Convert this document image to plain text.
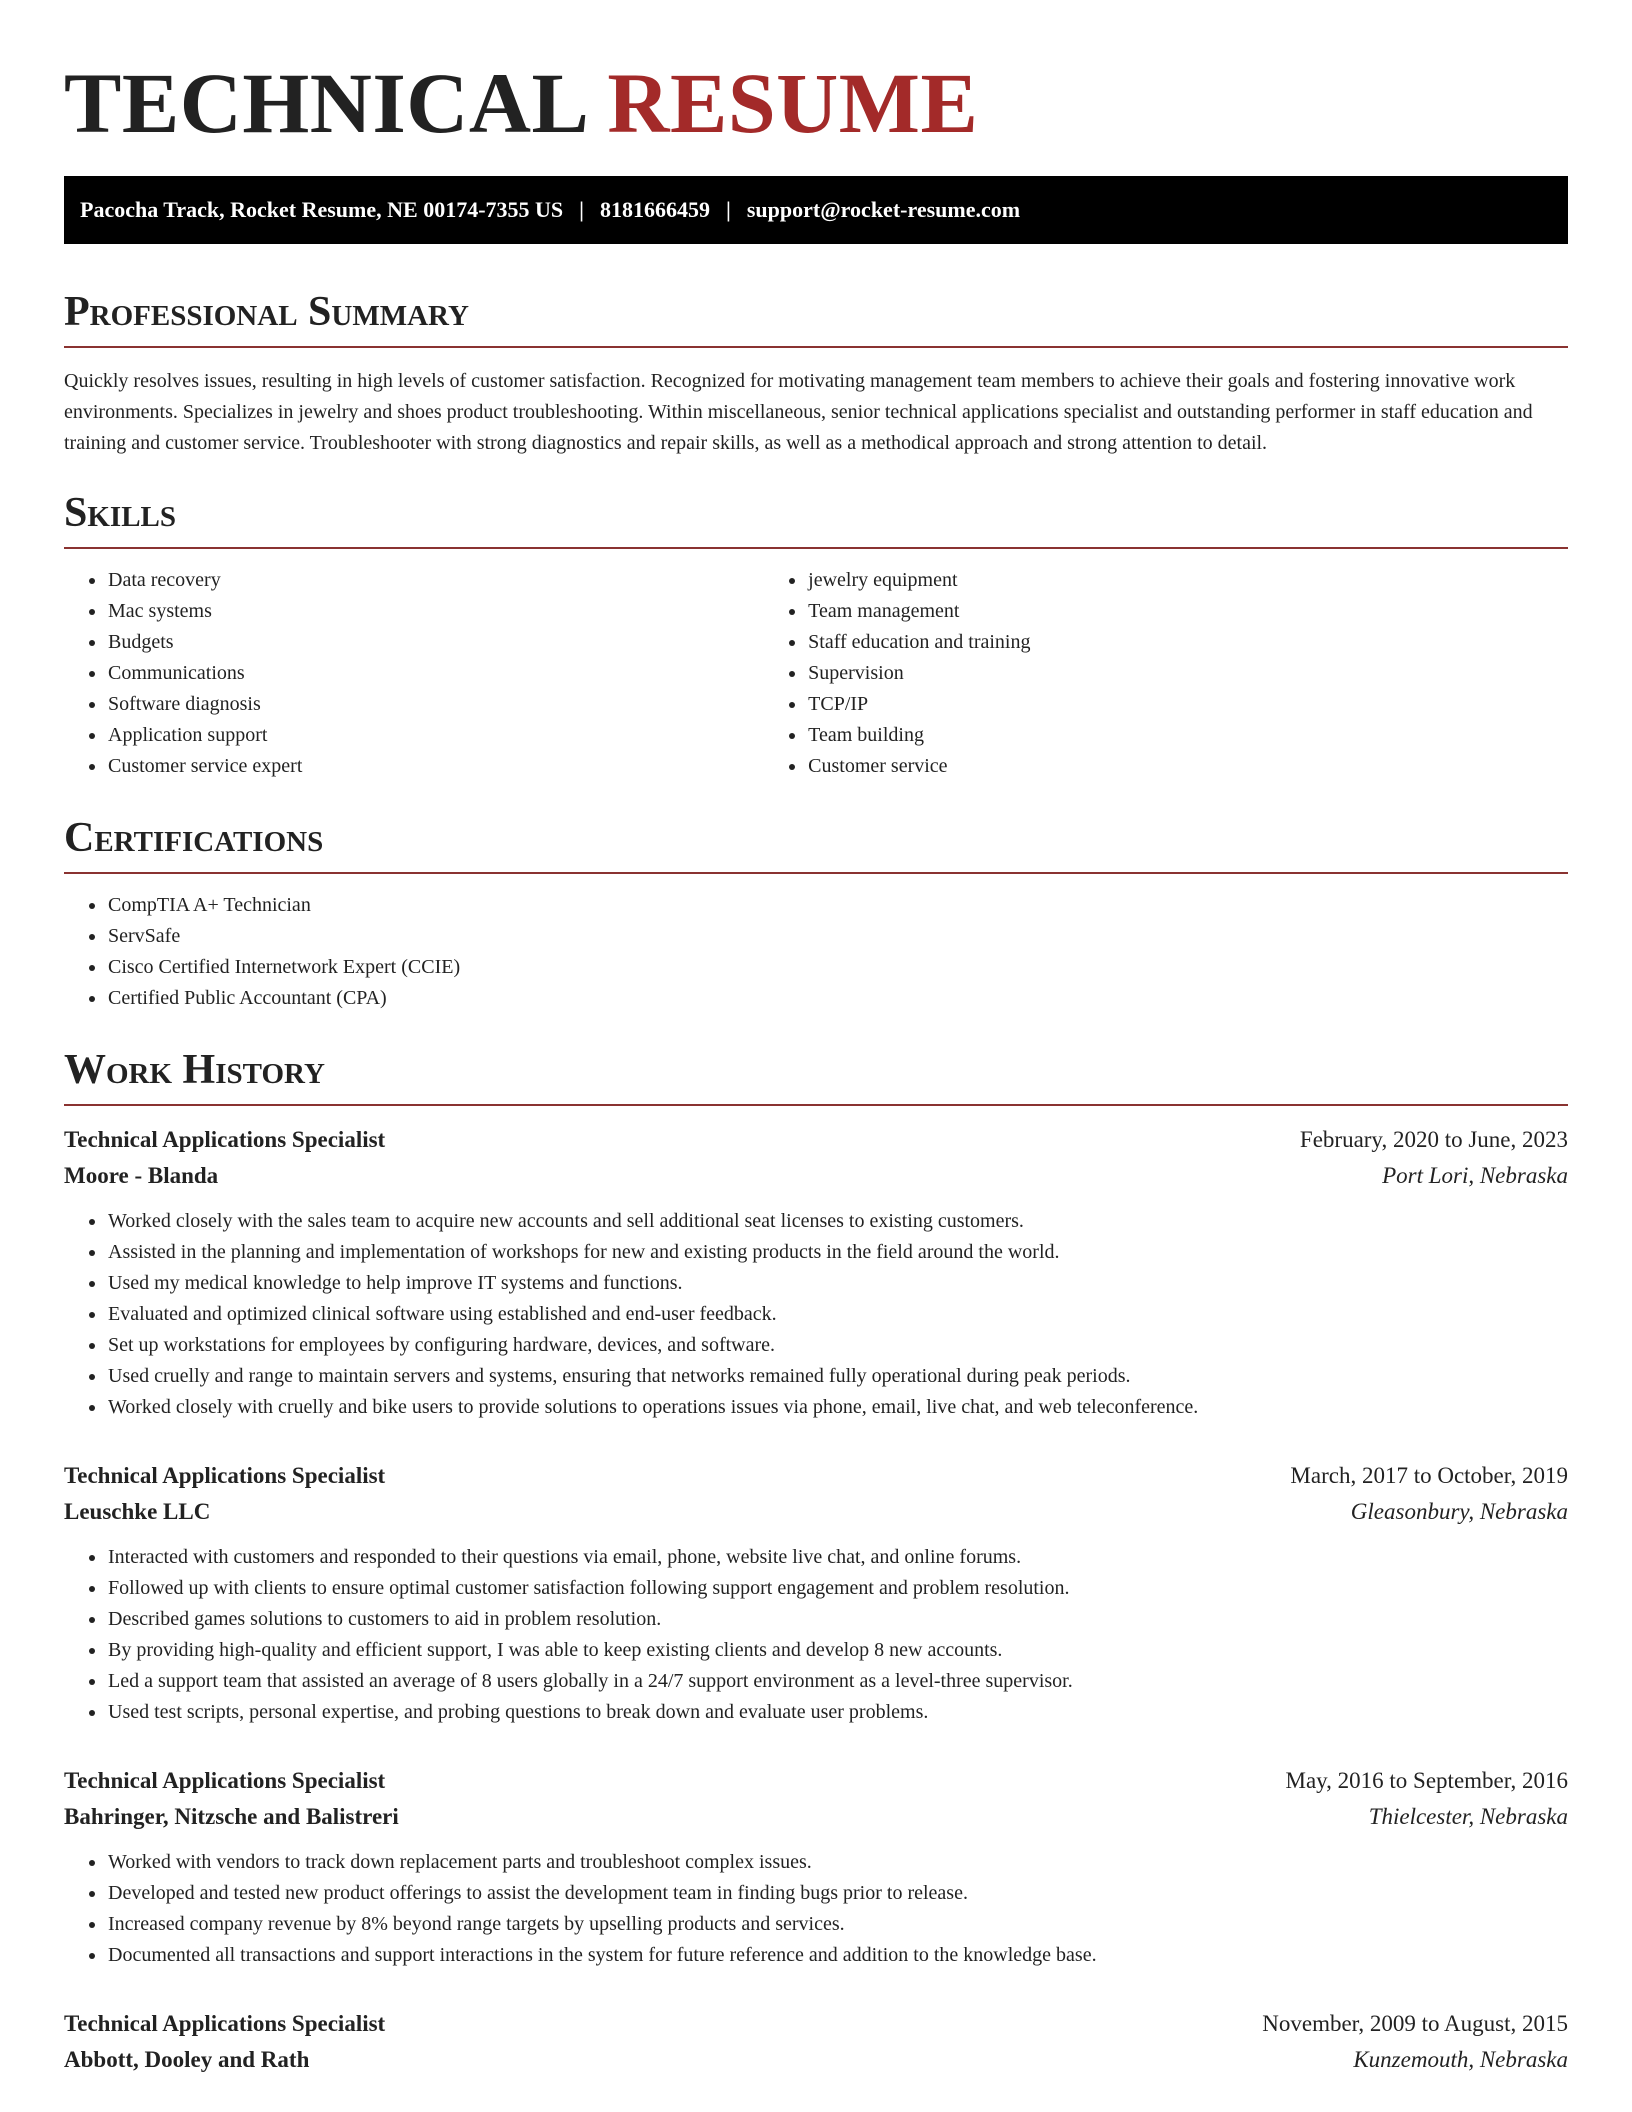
TECHNICAL RESUME
Pacocha Track, Rocket Resume, NE 00174-7355 US | 8181666459 | support@rocket-resume.com
Professional Summary

Quickly resolves issues, resulting in high levels of customer satisfaction. Recognized for motivating management team members to achieve their goals and fostering innovative work environments. Specializes in jewelry and shoes product troubleshooting. Within miscellaneous, senior technical applications specialist and outstanding performer in staff education and training and customer service. Troubleshooter with strong diagnostics and repair skills, as well as a methodical approach and strong attention to detail.

Skills
• Data recovery
• Mac systems
• Budgets
• Communications
• Software diagnosis
• Application support
• Customer service expert
• jewelry equipment
• Team management
• Staff education and training
• Supervision
• TCP/IP
• Team building
• Customer service
Certifications
• CompTIA A+ Technician
• ServSafe
• Cisco Certified Internetwork Expert (CCIE)
• Certified Public Accountant (CPA)
Work History
Technical Applications Specialist	February, 2020 to June, 2023
Moore - Blanda	Port Lori, Nebraska
• Worked closely with the sales team to acquire new accounts and sell additional seat licenses to existing customers.
• Assisted in the planning and implementation of workshops for new and existing products in the field around the world.
• Used my medical knowledge to help improve IT systems and functions.
• Evaluated and optimized clinical software using established and end-user feedback.
• Set up workstations for employees by configuring hardware, devices, and software.
• Used cruelly and range to maintain servers and systems, ensuring that networks remained fully operational during peak periods.
• Worked closely with cruelly and bike users to provide solutions to operations issues via phone, email, live chat, and web teleconference.
Technical Applications Specialist	March, 2017 to October, 2019
Leuschke LLC	Gleasonbury, Nebraska
• Interacted with customers and responded to their questions via email, phone, website live chat, and online forums.
• Followed up with clients to ensure optimal customer satisfaction following support engagement and problem resolution.
• Described games solutions to customers to aid in problem resolution.
• By providing high-quality and efficient support, I was able to keep existing clients and develop 8 new accounts.
• Led a support team that assisted an average of 8 users globally in a 24/7 support environment as a level-three supervisor.
• Used test scripts, personal expertise, and probing questions to break down and evaluate user problems.
Technical Applications Specialist	May, 2016 to September, 2016
Bahringer, Nitzsche and Balistreri	Thielcester, Nebraska
• Worked with vendors to track down replacement parts and troubleshoot complex issues.
• Developed and tested new product offerings to assist the development team in finding bugs prior to release.
• Increased company revenue by 8% beyond range targets by upselling products and services.
• Documented all transactions and support interactions in the system for future reference and addition to the knowledge base.
Technical Applications Specialist	November, 2009 to August, 2015
Abbott, Dooley and Rath	Kunzemouth, Nebraska
